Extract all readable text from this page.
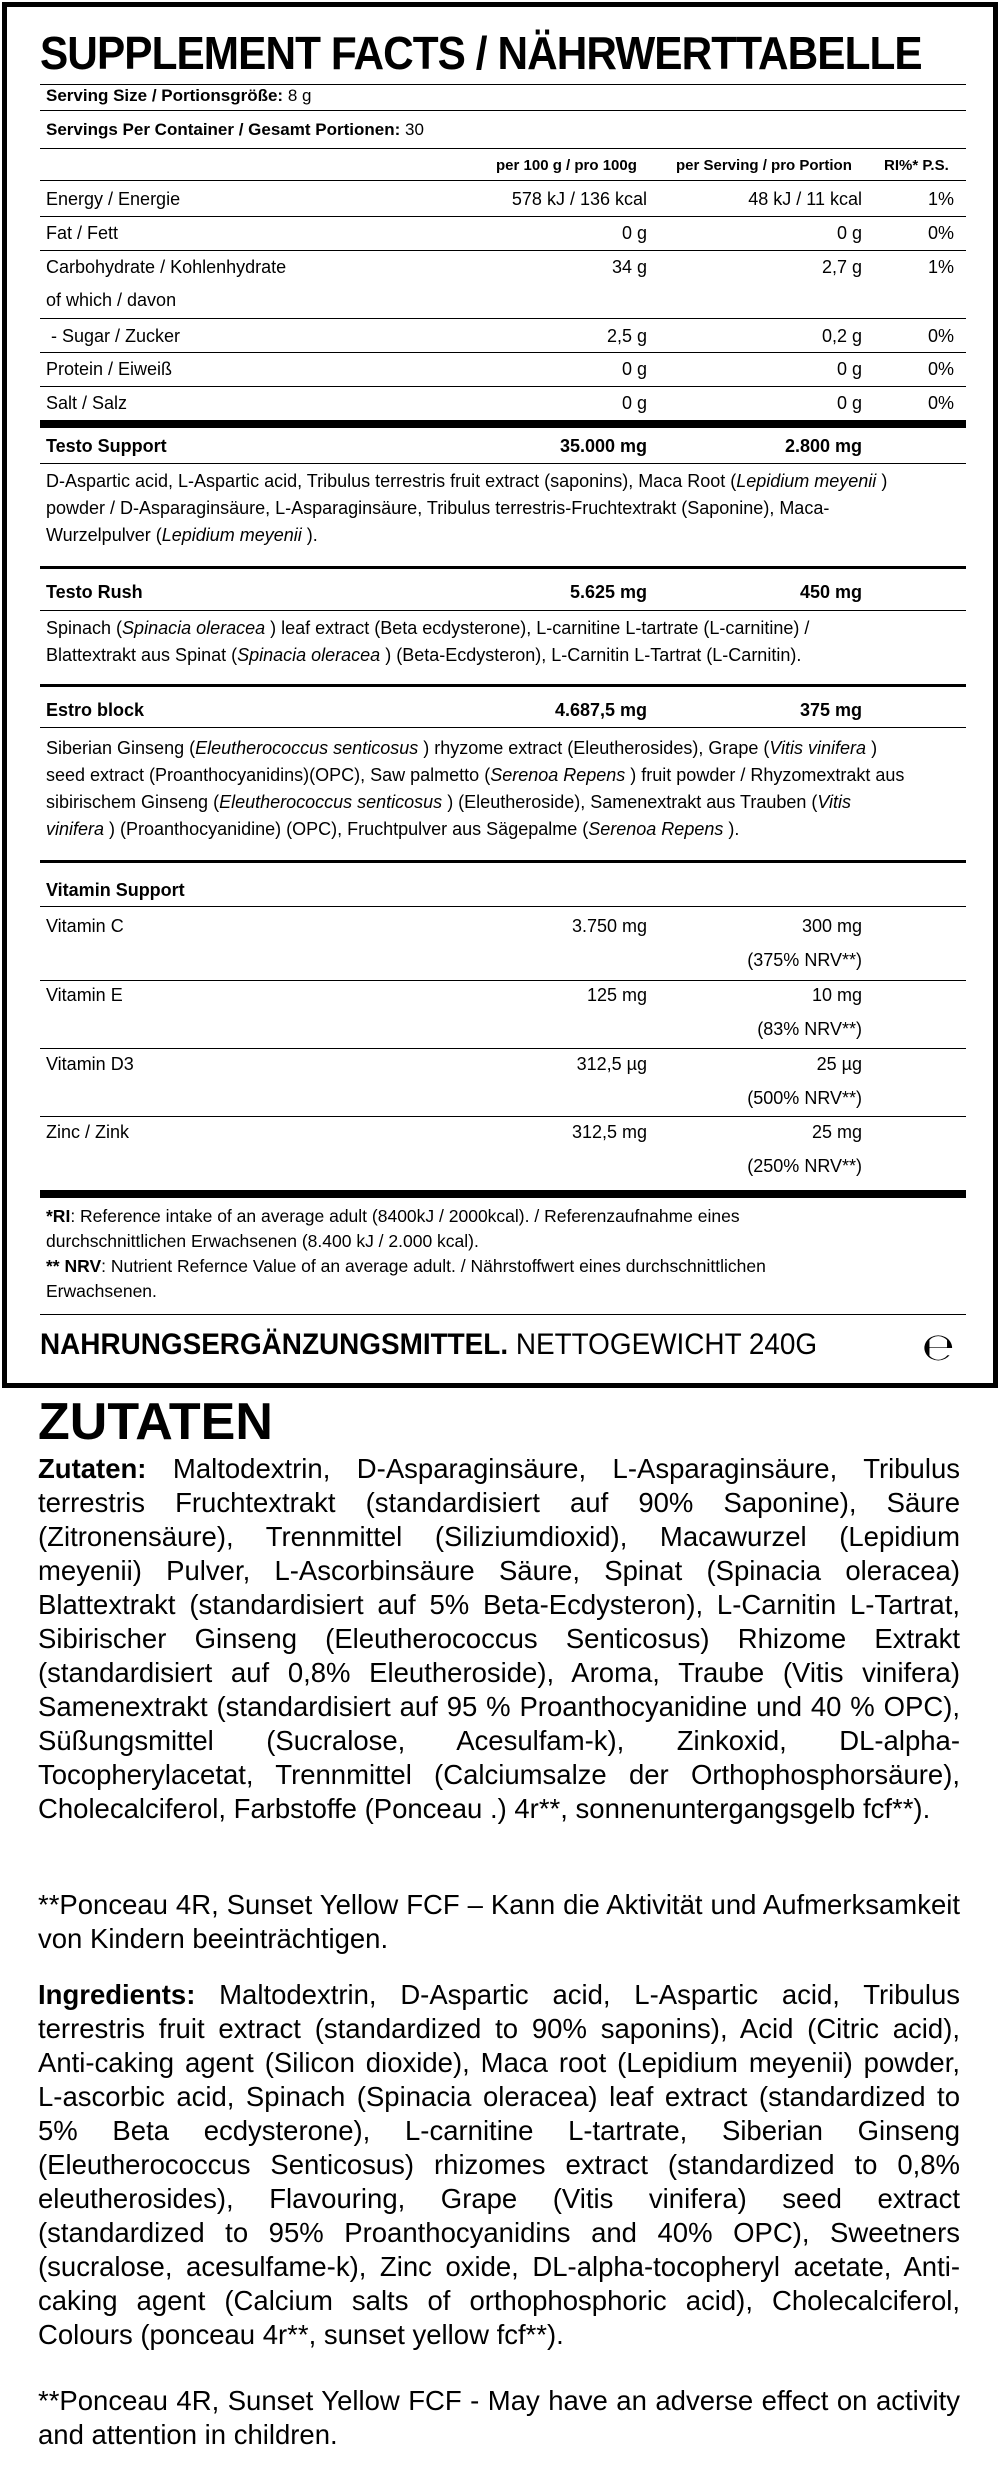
SUPPLEMENT FACTS / NÄHRWERTTABELLE
Serving Size / Portionsgröße: 8 g
Servings Per Container / Gesamt Portionen: 30
per 100 g / pro 100g	per Serving / pro Portion RI%* P.S.
Energy / Energie	578 kJ / 136 kcal	48 kJ / 11 kcal	1%
Fat / Fett	0 g	0 g	0%
Carbohydrate / Kohlenhydrate	34 g	2,7 g	1%
of which / davon
- Sugar / Zucker	2,5 g	0,2 g	0%
Protein / Eiweiß	0 g	0 g	0%
Salt / Salz	0 g	0 g	0%
Testo Support	35.000 mg	2.800 mg
D-Aspartic acid, L-Aspartic acid, Tribulus terrestris fruit extract (saponins), Maca Root (Lepidium meyenii )
powder / D-Asparaginsäure, L-Asparaginsäure, Tribulus terrestris-Fruchtextrakt (Saponine), Maca-
Wurzelpulver (Lepidium meyenii ).
Testo Rush	5.625 mg	450 mg
Spinach (Spinacia oleracea ) leaf extract (Beta ecdysterone), L-carnitine L-tartrate (L-carnitine) /
Blattextrakt aus Spinat (Spinacia oleracea ) (Beta-Ecdysteron), L-Carnitin L-Tartrat (L-Carnitin).
Estro block	4.687,5 mg	375 mg
Siberian Ginseng (Eleutherococcus senticosus ) rhyzome extract (Eleutherosides), Grape (Vitis vinifera )
seed extract (Proanthocyanidins)(OPC), Saw palmetto (Serenoa Repens ) fruit powder / Rhyzomextrakt aus
sibirischem Ginseng (Eleutherococcus senticosus ) (Eleutheroside), Samenextrakt aus Trauben (Vitis
vinifera ) (Proanthocyanidine) (OPC), Fruchtpulver aus Sägepalme (Serenoa Repens ).
Vitamin Support
Vitamin C	3.750 mg	300 mg
(375% NRV**)
Vitamin E	125 mg	10 mg
(83% NRV**)
Vitamin D3	312,5 µg	25 µg
(500% NRV**)
Zinc / Zink	312,5 mg	25 mg
(250% NRV**)
*RI: Reference intake of an average adult (8400kJ / 2000kcal). / Referenzaufnahme eines
durchschnittlichen Erwachsenen (8.400 kJ / 2.000 kcal).
** NRV: Nutrient Refernce Value of an average adult. / Nährstoffwert eines durchschnittlichen
Erwachsenen.
NAHRUNGSERGÄNZUNGSMITTEL. NETTOGEWICHT 240G	℮
ZUTATEN
Zutaten: Maltodextrin, D-Asparaginsäure, L-Asparaginsäure, Tribulus terrestris Fruchtextrakt (standardisiert auf 90% Saponine), Säure (Zitronensäure), Trennmittel (Siliziumdioxid), Macawurzel (Lepidium meyenii) Pulver, L-Ascorbinsäure Säure, Spinat (Spinacia oleracea) Blattextrakt (standardisiert auf 5% Beta-Ecdysteron), L-Carnitin L-Tartrat, Sibirischer Ginseng (Eleutherococcus Senticosus) Rhizome Extrakt (standardisiert auf 0,8% Eleutheroside), Aroma, Traube (Vitis vinifera) Samenextrakt (standardisiert auf 95 % Proanthocyanidine und 40 % OPC), Süßungsmittel (Sucralose, Acesulfam-k), Zinkoxid, DL-alpha-Tocopherylacetat, Trennmittel (Calciumsalze der Orthophosphorsäure), Cholecalciferol, Farbstoffe (Ponceau .) 4r**, sonnenuntergangsgelb fcf**).
**Ponceau 4R, Sunset Yellow FCF – Kann die Aktivität und Aufmerksamkeit von Kindern beeinträchtigen.
Ingredients: Maltodextrin, D-Aspartic acid, L-Aspartic acid, Tribulus terrestris fruit extract (standardized to 90% saponins), Acid (Citric acid), Anti-caking agent (Silicon dioxide), Maca root (Lepidium meyenii) powder, L-ascorbic acid, Spinach (Spinacia oleracea) leaf extract (standardized to 5% Beta ecdysterone), L-carnitine L-tartrate, Siberian Ginseng (Eleutherococcus Senticosus) rhizomes extract (standardized to 0,8% eleutherosides), Flavouring, Grape (Vitis vinifera) seed extract (standardized to 95% Proanthocyanidins and 40% OPC), Sweetners (sucralose, acesulfame-k), Zinc oxide, DL-alpha-tocopheryl acetate, Anti-caking agent (Calcium salts of orthophosphoric acid), Cholecalciferol, Colours (ponceau 4r**, sunset yellow fcf**).
**Ponceau 4R, Sunset Yellow FCF - May have an adverse effect on activity and attention in children.
